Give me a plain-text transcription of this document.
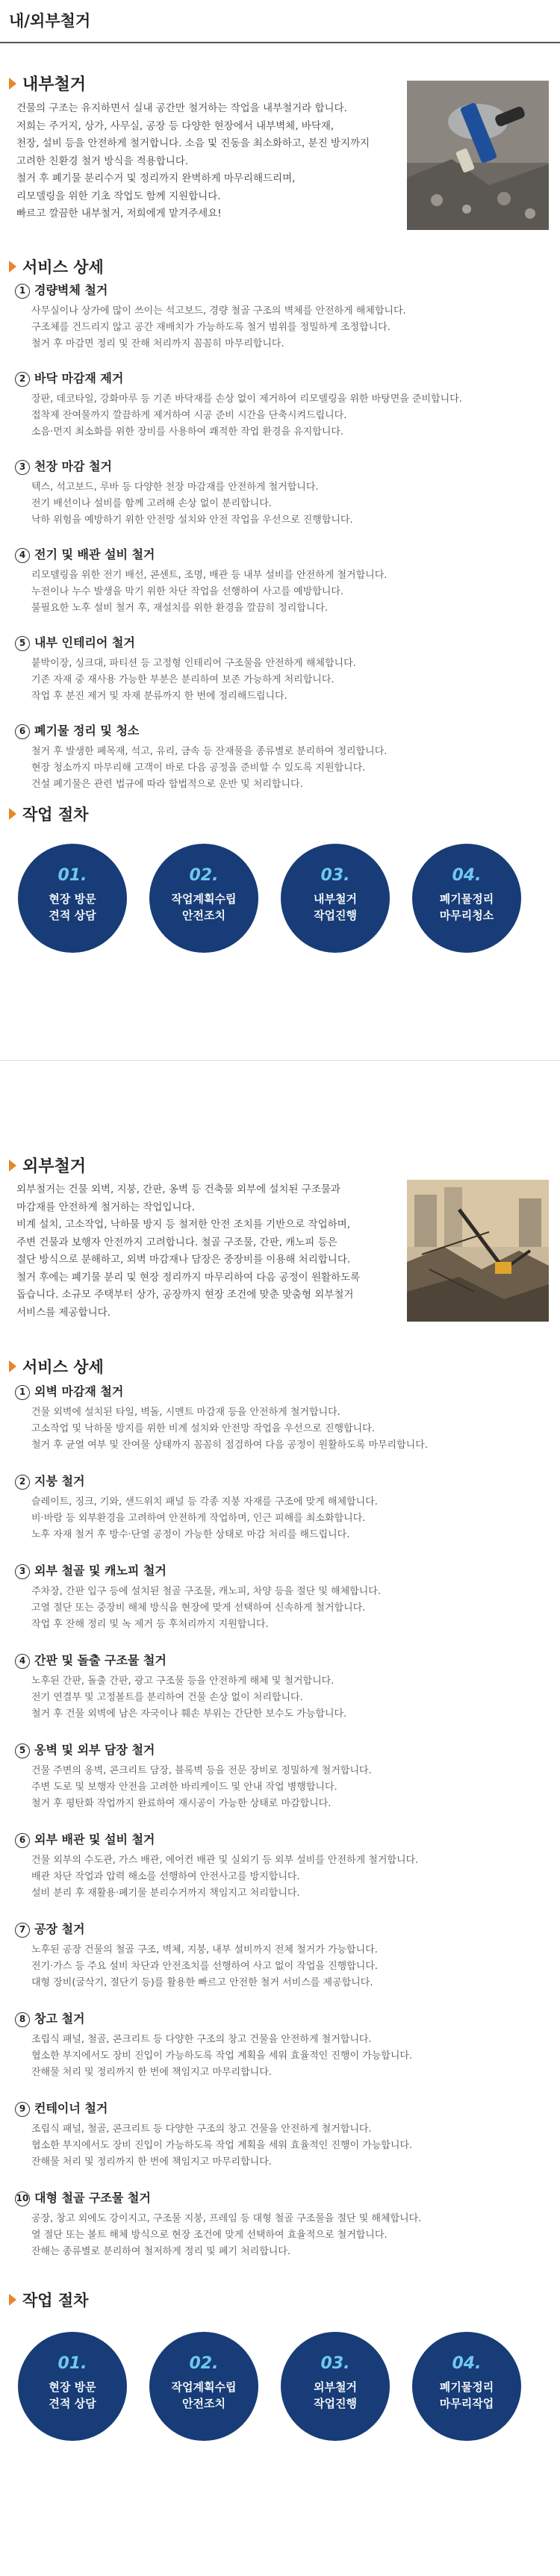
내/외부철거
내부철거
건물의 구조는 유지하면서 실내 공간만 철거하는 작업을 내부철거라 합니다.
저희는 주거지, 상가, 사무실, 공장 등 다양한 현장에서 내부벽체, 바닥재,
천장, 설비 등을 안전하게 철거합니다. 소음 및 진동을 최소화하고, 분진 방지까지
고려한 친환경 철거 방식을 적용합니다.
철거 후 폐기물 분리수거 및 정리까지 완벽하게 마무리해드리며,
리모델링을 위한 기초 작업도 함께 지원합니다.
빠르고 깔끔한 내부철거, 저희에게 맡겨주세요!
서비스 상세
1 경량벽체 철거
사무실이나 상가에 많이 쓰이는 석고보드, 경량 철골 구조의 벽체를 안전하게 해체합니다.
구조체를 건드리지 않고 공간 재배치가 가능하도록 철거 범위를 정밀하게 조정합니다.
철거 후 마감면 정리 및 잔해 처리까지 꼼꼼히 마무리합니다.
2 바닥 마감재 제거
장판, 데코타일, 강화마루 등 기존 바닥재를 손상 없이 제거하여 리모델링을 위한 바탕면을 준비합니다.
접착제 잔여물까지 깔끔하게 제거하여 시공 준비 시간을 단축시켜드립니다.
소음·먼지 최소화를 위한 장비를 사용하여 쾌적한 작업 환경을 유지합니다.
3 천장 마감 철거
텍스, 석고보드, 루바 등 다양한 천장 마감재를 안전하게 철거합니다.
전기 배선이나 설비를 함께 고려해 손상 없이 분리합니다.
낙하 위험을 예방하기 위한 안전망 설치와 안전 작업을 우선으로 진행합니다.
4 전기 및 배관 설비 철거
리모델링을 위한 전기 배선, 콘센트, 조명, 배관 등 내부 설비를 안전하게 철거합니다.
누전이나 누수 발생을 막기 위한 차단 작업을 선행하여 사고를 예방합니다.
불필요한 노후 설비 철거 후, 재설치를 위한 환경을 깔끔히 정리합니다.
5 내부 인테리어 철거
붙박이장, 싱크대, 파티션 등 고정형 인테리어 구조물을 안전하게 해체합니다.
기존 자재 중 재사용 가능한 부분은 분리하여 보존 가능하게 처리합니다.
작업 후 분진 제거 및 자재 분류까지 한 번에 정리해드립니다.
6 폐기물 정리 및 청소
철거 후 발생한 폐목재, 석고, 유리, 금속 등 잔재물을 종류별로 분리하여 정리합니다.
현장 청소까지 마무리해 고객이 바로 다음 공정을 준비할 수 있도록 지원합니다.
건설 폐기물은 관련 법규에 따라 합법적으로 운반 및 처리합니다.
작업 절차
01.
현장 방문
견적 상담
02.
작업계획수립
안전조치
03.
내부철거
작업진행
04.
폐기물정리
마무리청소
외부철거
외부철거는 건물 외벽, 지붕, 간판, 옹벽 등 건축물 외부에 설치된 구조물과
마감재를 안전하게 철거하는 작업입니다.
비계 설치, 고소작업, 낙하물 방지 등 철저한 안전 조치를 기반으로 작업하며,
주변 건물과 보행자 안전까지 고려합니다. 철골 구조물, 간판, 캐노피 등은
절단 방식으로 분해하고, 외벽 마감재나 담장은 중장비를 이용해 처리합니다.
철거 후에는 폐기물 분리 및 현장 정리까지 마무리하여 다음 공정이 원활하도록
돕습니다. 소규모 주택부터 상가, 공장까지 현장 조건에 맞춘 맞춤형 외부철거
서비스를 제공합니다.
서비스 상세
1 외벽 마감재 철거
건물 외벽에 설치된 타일, 벽돌, 시멘트 마감재 등을 안전하게 철거합니다.
고소작업 및 낙하물 방지를 위한 비계 설치와 안전망 작업을 우선으로 진행합니다.
철거 후 균열 여부 및 잔여물 상태까지 꼼꼼히 점검하여 다음 공정이 원활하도록 마무리합니다.
2 지붕 철거
슬레이트, 징크, 기와, 샌드위치 패널 등 각종 지붕 자재를 구조에 맞게 해체합니다.
비·바람 등 외부환경을 고려하여 안전하게 작업하며, 인근 피해를 최소화합니다.
노후 자재 철거 후 방수·단열 공정이 가능한 상태로 마감 처리를 해드립니다.
3 외부 철골 및 캐노피 철거
주차장, 간판 입구 등에 설치된 철골 구조물, 캐노피, 차양 등을 절단 및 해체합니다.
고열 절단 또는 중장비 해체 방식을 현장에 맞게 선택하여 신속하게 철거합니다.
작업 후 잔해 정리 및 녹 제거 등 후처리까지 지원합니다.
4 간판 및 돌출 구조물 철거
노후된 간판, 돌출 간판, 광고 구조물 등을 안전하게 해체 및 철거합니다.
전기 연결부 및 고정볼트를 분리하여 건물 손상 없이 처리합니다.
철거 후 건물 외벽에 남은 자국이나 훼손 부위는 간단한 보수도 가능합니다.
5 옹벽 및 외부 담장 철거
건물 주변의 옹벽, 콘크리트 담장, 블록벽 등을 전문 장비로 정밀하게 철거합니다.
주변 도로 및 보행자 안전을 고려한 바리케이드 및 안내 작업 병행합니다.
철거 후 평탄화 작업까지 완료하여 재시공이 가능한 상태로 마감합니다.
6 외부 배관 및 설비 철거
건물 외부의 수도관, 가스 배관, 에어컨 배관 및 실외기 등 외부 설비를 안전하게 철거합니다.
배관 차단 작업과 압력 해소를 선행하여 안전사고를 방지합니다.
설비 분리 후 재활용·폐기물 분리수거까지 책임지고 처리합니다.
7 공장 철거
노후된 공장 건물의 철골 구조, 벽체, 지붕, 내부 설비까지 전체 철거가 가능합니다.
전기·가스 등 주요 설비 차단과 안전조치를 선행하여 사고 없이 작업을 진행합니다.
대형 장비(굴삭기, 절단기 등)를 활용한 빠르고 안전한 철거 서비스를 제공합니다.
8 창고 철거
조립식 패널, 철골, 콘크리트 등 다양한 구조의 창고 건물을 안전하게 철거합니다.
협소한 부지에서도 장비 진입이 가능하도록 작업 계획을 세워 효율적인 진행이 가능합니다.
잔해물 처리 및 정리까지 한 번에 책임지고 마무리합니다.
9 컨테이너 철거
조립식 패널, 철골, 콘크리트 등 다양한 구조의 창고 건물을 안전하게 철거합니다.
협소한 부지에서도 장비 진입이 가능하도록 작업 계획을 세워 효율적인 진행이 가능합니다.
잔해물 처리 및 정리까지 한 번에 책임지고 마무리합니다.
10 대형 철골 구조물 철거
공장, 창고 외에도 강이지고, 구조물 지붕, 프레임 등 대형 철골 구조물을 절단 및 해체합니다.
열 절단 또는 볼트 해체 방식으로 현장 조건에 맞게 선택하여 효율적으로 철거합니다.
잔해는 종류별로 분리하여 철저하게 정리 및 폐기 처리합니다.
작업 절차
01.
현장 방문
견적 상담
02.
작업계획수립
안전조치
03.
외부철거
작업진행
04.
폐기물정리
마무리작업
